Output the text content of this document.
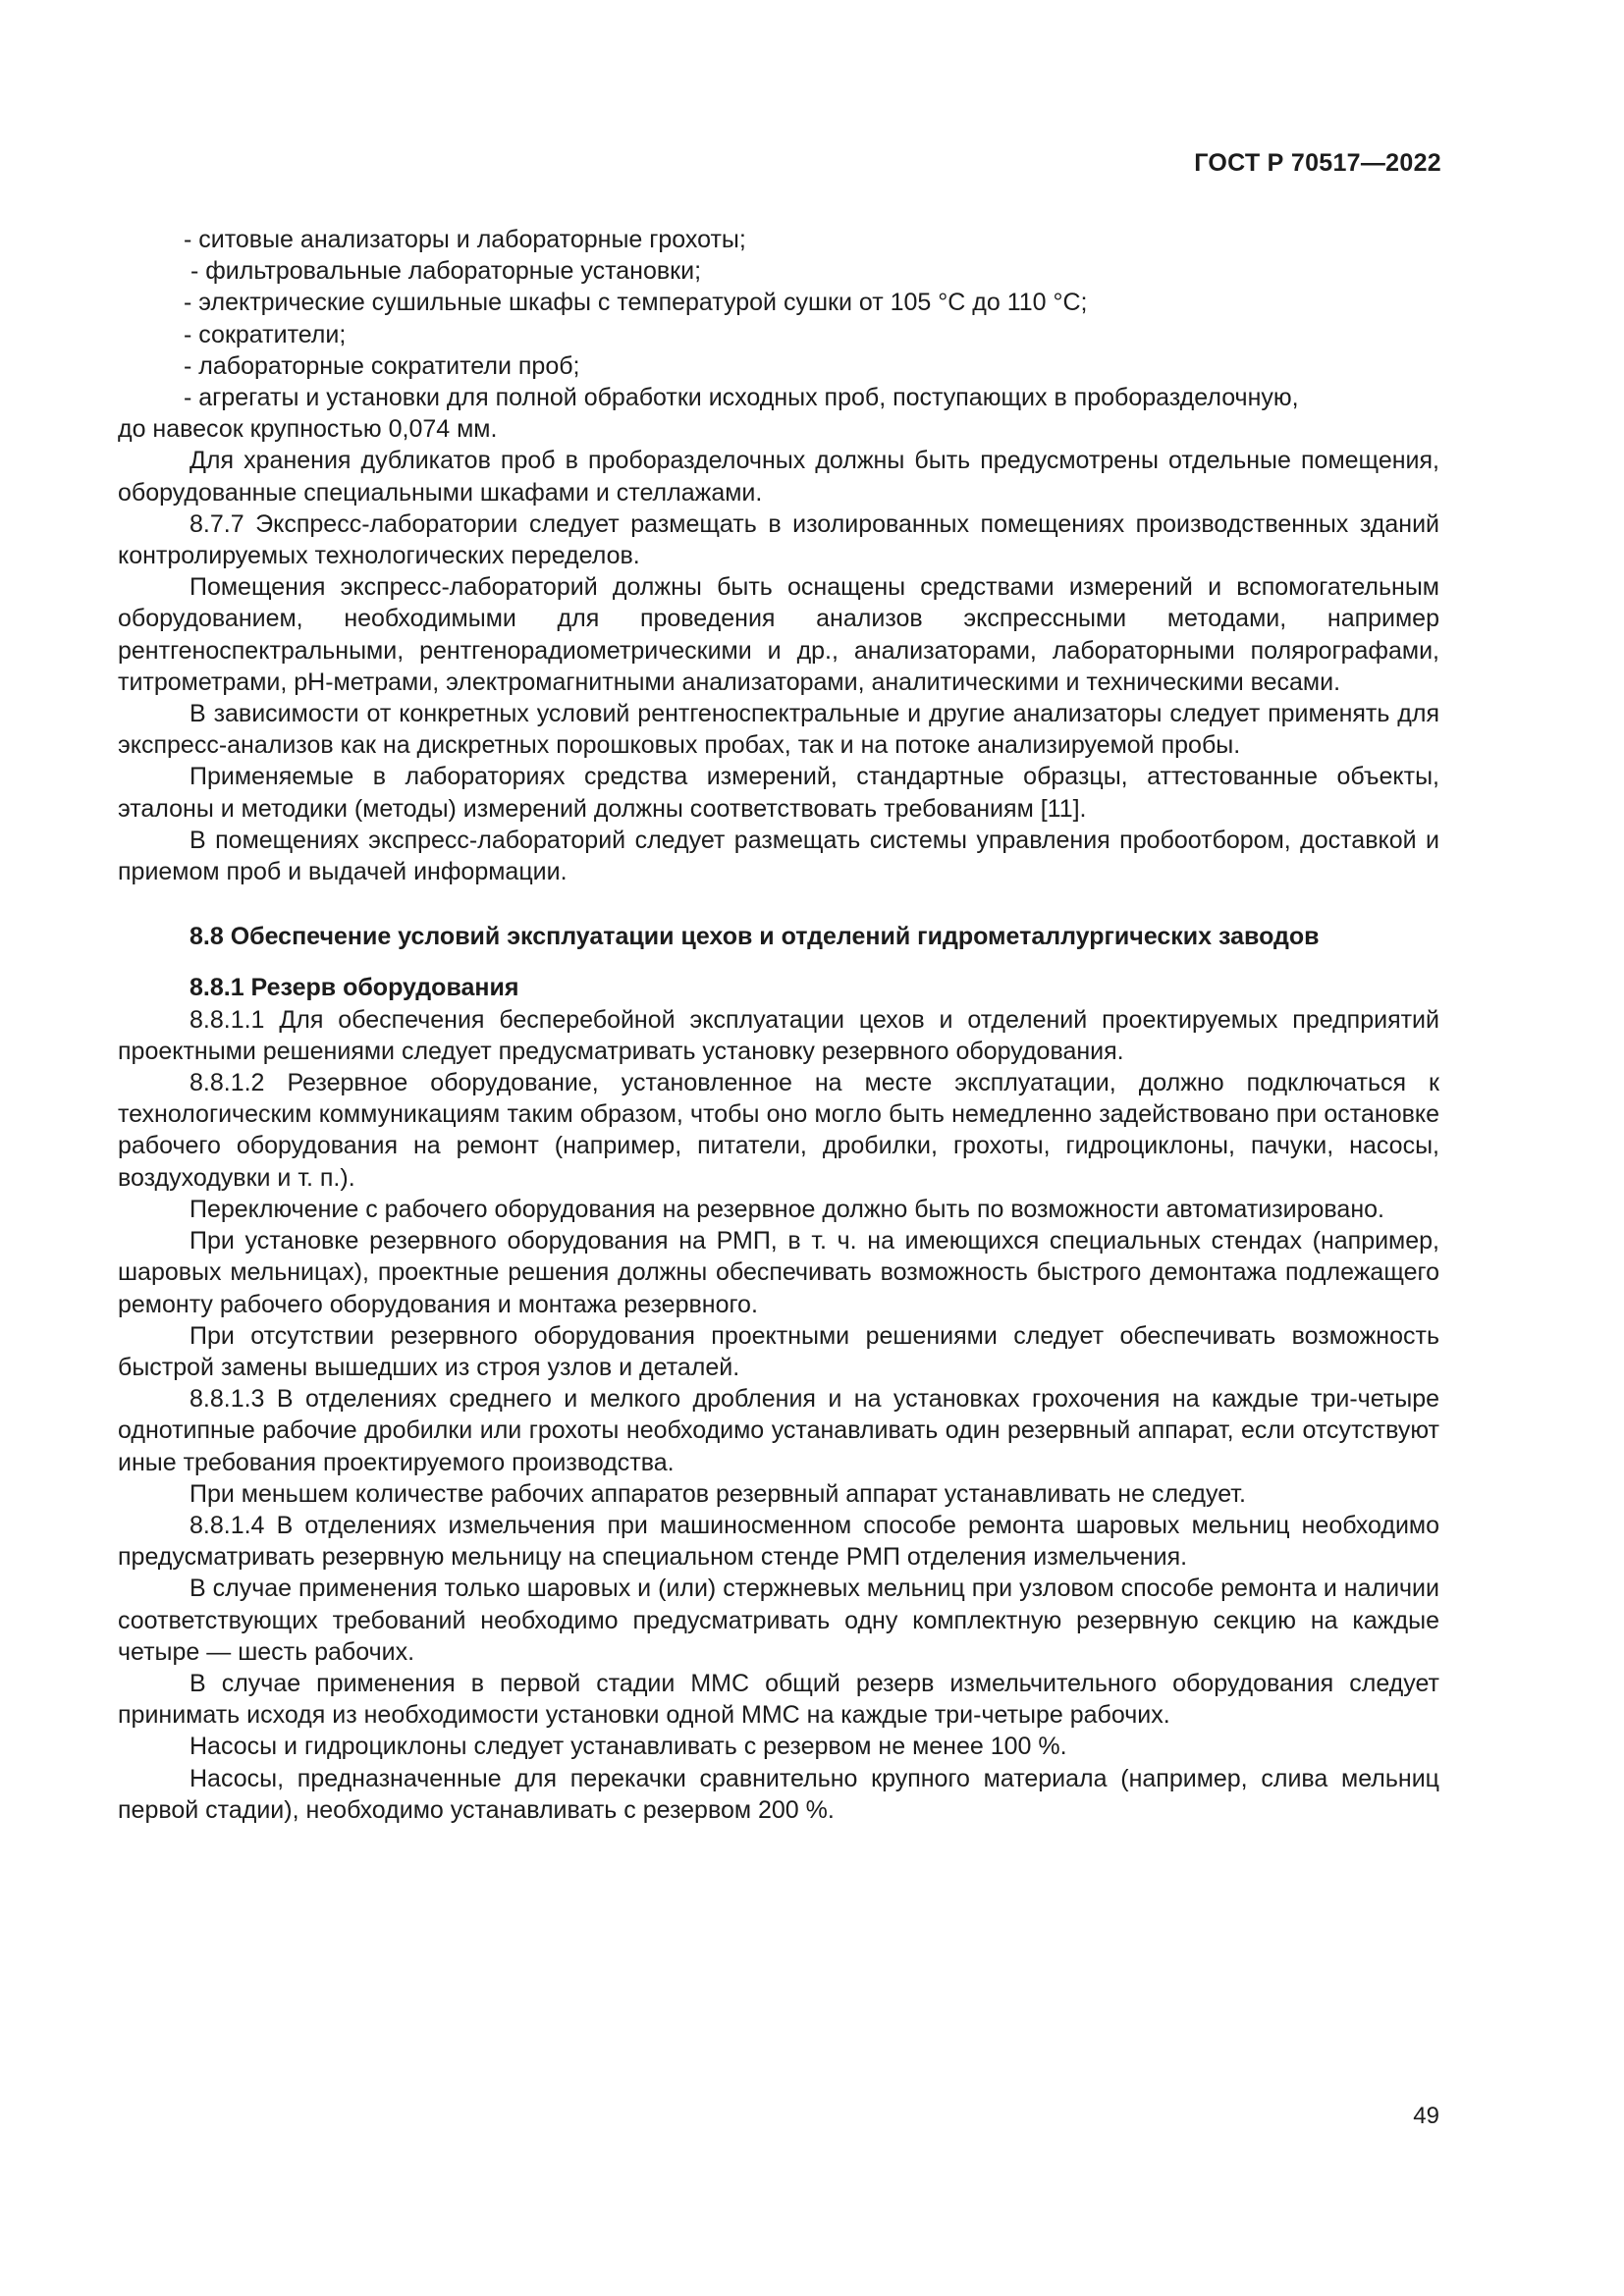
ГОСТ Р 70517—2022
- ситовые анализаторы и лабораторные грохоты;
- фильтровальные лабораторные установки;
- электрические сушильные шкафы с температурой сушки от 105 °С до 110 °С;
- сократители;
- лабораторные сократители проб;
- агрегаты и установки для полной обработки исходных проб, поступающих в проборазделочную,
до навесок крупностью 0,074 мм.

Для хранения дубликатов проб в проборазделочных должны быть предусмотрены отдельные помещения, оборудованные специальными шкафами и стеллажами.

8.7.7 Экспресс-лаборатории следует размещать в изолированных помещениях производственных зданий контролируемых технологических переделов.

Помещения экспресс-лабораторий должны быть оснащены средствами измерений и вспомогательным оборудованием, необходимыми для проведения анализов экспрессными методами, например рентгеноспектральными, рентгенорадиометрическими и др., анализаторами, лабораторными полярографами, титрометрами, рН-метрами, электромагнитными анализаторами, аналитическими и техническими весами.

В зависимости от конкретных условий рентгеноспектральные и другие анализаторы следует применять для экспресс-анализов как на дискретных порошковых пробах, так и на потоке анализируемой пробы.

Применяемые в лабораториях средства измерений, стандартные образцы, аттестованные объекты, эталоны и методики (методы) измерений должны соответствовать требованиям [11].

В помещениях экспресс-лабораторий следует размещать системы управления пробоотбором, доставкой и приемом проб и выдачей информации.

8.8 Обеспечение условий эксплуатации цехов и отделений гидрометаллургических заводов
8.8.1 Резерв оборудования

8.8.1.1 Для обеспечения бесперебойной эксплуатации цехов и отделений проектируемых предприятий проектными решениями следует предусматривать установку резервного оборудования.

8.8.1.2 Резервное оборудование, установленное на месте эксплуатации, должно подключаться к технологическим коммуникациям таким образом, чтобы оно могло быть немедленно задействовано при остановке рабочего оборудования на ремонт (например, питатели, дробилки, грохоты, гидроциклоны, пачуки, насосы, воздуходувки и т. п.).

Переключение с рабочего оборудования на резервное должно быть по возможности автоматизировано.

При установке резервного оборудования на РМП, в т. ч. на имеющихся специальных стендах (например, шаровых мельницах), проектные решения должны обеспечивать возможность быстрого демонтажа подлежащего ремонту рабочего оборудования и монтажа резервного.

При отсутствии резервного оборудования проектными решениями следует обеспечивать возможность быстрой замены вышедших из строя узлов и деталей.

8.8.1.3 В отделениях среднего и мелкого дробления и на установках грохочения на каждые три-четыре однотипные рабочие дробилки или грохоты необходимо устанавливать один резервный аппарат, если отсутствуют иные требования проектируемого производства.

При меньшем количестве рабочих аппаратов резервный аппарат устанавливать не следует.

8.8.1.4 В отделениях измельчения при машиносменном способе ремонта шаровых мельниц необходимо предусматривать резервную мельницу на специальном стенде РМП отделения измельчения.

В случае применения только шаровых и (или) стержневых мельниц при узловом способе ремонта и наличии соответствующих требований необходимо предусматривать одну комплектную резервную секцию на каждые четыре — шесть рабочих.

В случае применения в первой стадии ММС общий резерв измельчительного оборудования следует принимать исходя из необходимости установки одной ММС на каждые три-четыре рабочих.

Насосы и гидроциклоны следует устанавливать с резервом не менее 100 %.

Насосы, предназначенные для перекачки сравнительно крупного материала (например, слива мельниц первой стадии), необходимо устанавливать с резервом 200 %.

49
